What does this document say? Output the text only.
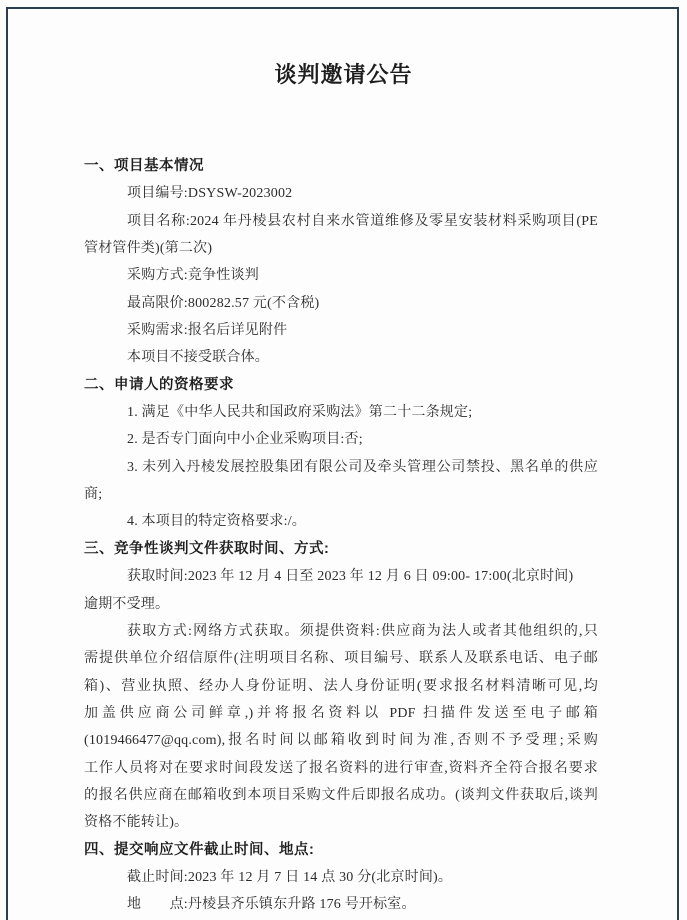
谈判邀请公告
一、项目基本情况
项目编号:DSYSW-2023002
项目名称:2024 年丹棱县农村自来水管道维修及零星安装材料采购项目(PE
管材管件类)(第二次)
采购方式:竞争性谈判
最高限价:800282.57 元(不含税)
采购需求:报名后详见附件
本项目不接受联合体。
二、申请人的资格要求
1. 满足《中华人民共和国政府采购法》第二十二条规定;
2. 是否专门面向中小企业采购项目:否;
3. 未列入丹棱发展控股集团有限公司及牵头管理公司禁投、黑名单的供应
商;
4. 本项目的特定资格要求:/。
三、竞争性谈判文件获取时间、方式:
获取时间:2023 年 12 月 4 日至 2023 年 12 月 6 日 09:00- 17:00(北京时间)
逾期不受理。
获取方式:网络方式获取。须提供资料:供应商为法人或者其他组织的,只
需提供单位介绍信原件(注明项目名称、项目编号、联系人及联系电话、电子邮
箱)、营业执照、经办人身份证明、法人身份证明(要求报名材料清晰可见,均
加盖供应商公司鲜章,)并将报名资料以 PDF 扫描件发送至电子邮箱
(1019466477@qq.com),报名时间以邮箱收到时间为准,否则不予受理;采购
工作人员将对在要求时间段发送了报名资料的进行审查,资料齐全符合报名要求
的报名供应商在邮箱收到本项目采购文件后即报名成功。(谈判文件获取后,谈判
资格不能转让)。
四、提交响应文件截止时间、地点:
截止时间:2023 年 12 月 7 日 14 点 30 分(北京时间)。
地　　点:丹棱县齐乐镇东升路 176 号开标室。
